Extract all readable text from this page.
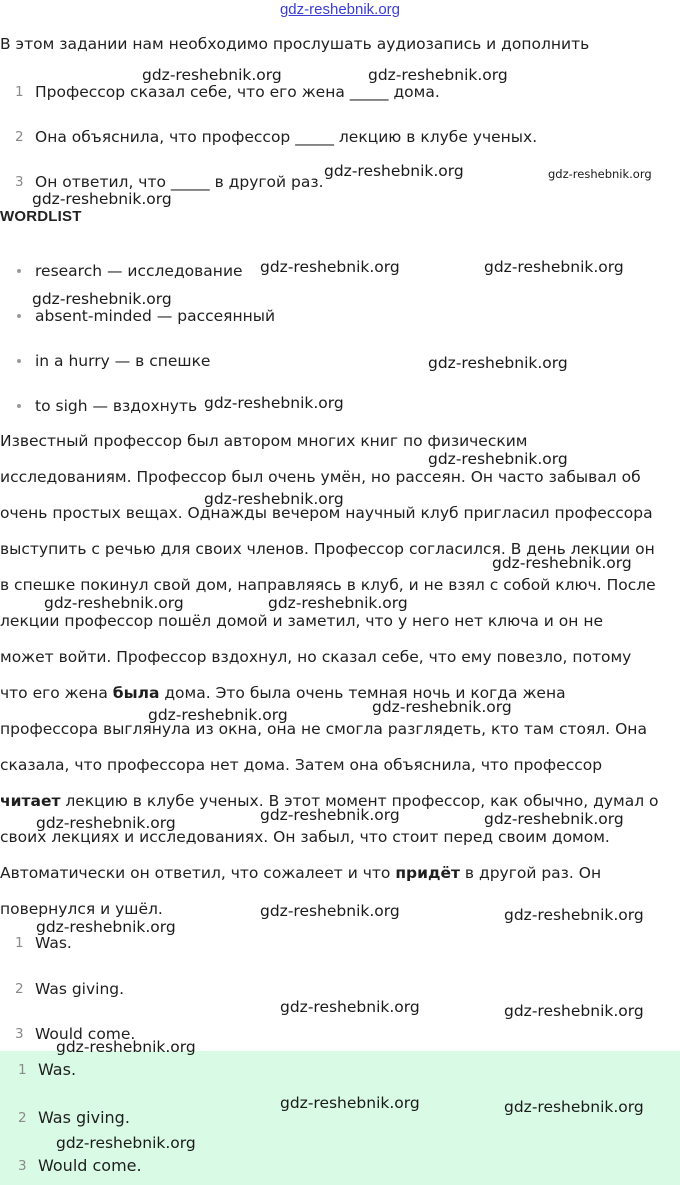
gdz-reshebnik.org
В этом задании нам необходимо прослушать аудиозапись и дополнить
1 Профессор сказал себе, что его жена _____ дома.
2 Она объяснила, что профессор _____ лекцию в клубе ученых.
3 Он ответил, что _____ в другой раз.
WORDLIST
research — исследование
absent-minded — рассеянный
in a hurry — в спешке
to sigh — вздохнуть
Известный профессор был автором многих книг по физическим
исследованиям. Профессор был очень умён, но рассеян. Он часто забывал об
очень простых вещах. Однажды вечером научный клуб пригласил профессора
выступить с речью для своих членов. Профессор согласился. В день лекции он
в спешке покинул свой дом, направляясь в клуб, и не взял с собой ключ. После
лекции профессор пошёл домой и заметил, что у него нет ключа и он не
может войти. Профессор вздохнул, но сказал себе, что ему повезло, потому
что его жена была дома. Это была очень темная ночь и когда жена
профессора выглянула из окна, она не смогла разглядеть, кто там стоял. Она
сказала, что профессора нет дома. Затем она объяснила, что профессор
читает лекцию в клубе ученых. В этот момент профессор, как обычно, думал о
своих лекциях и исследованиях. Он забыл, что стоит перед своим домом.
Автоматически он ответил, что сожалеет и что придёт в другой раз. Он
повернулся и ушёл.
1 Was.
2 Was giving.
3 Would come.
1 Was.
2 Was giving.
3 Would come.
gdz-reshebnik.org	gdz-reshebnik.org
gdz-reshebnik.org	gdz-reshebnik.org
gdz-reshebnik.org
gdz-reshebnik.org	gdz-reshebnik.org
gdz-reshebnik.org
gdz-reshebnik.org
gdz-reshebnik.org
gdz-reshebnik.org
gdz-reshebnik.org
gdz-reshebnik.org
gdz-reshebnik.org	gdz-reshebnik.org
gdz-reshebnik.org
gdz-reshebnik.org
gdz-reshebnik.org	gdz-reshebnik.org
gdz-reshebnik.org
gdz-reshebnik.org	gdz-reshebnik.org
gdz-reshebnik.org
gdz-reshebnik.org	gdz-reshebnik.org
gdz-reshebnik.org
gdz-reshebnik.org	gdz-reshebnik.org
gdz-reshebnik.org
